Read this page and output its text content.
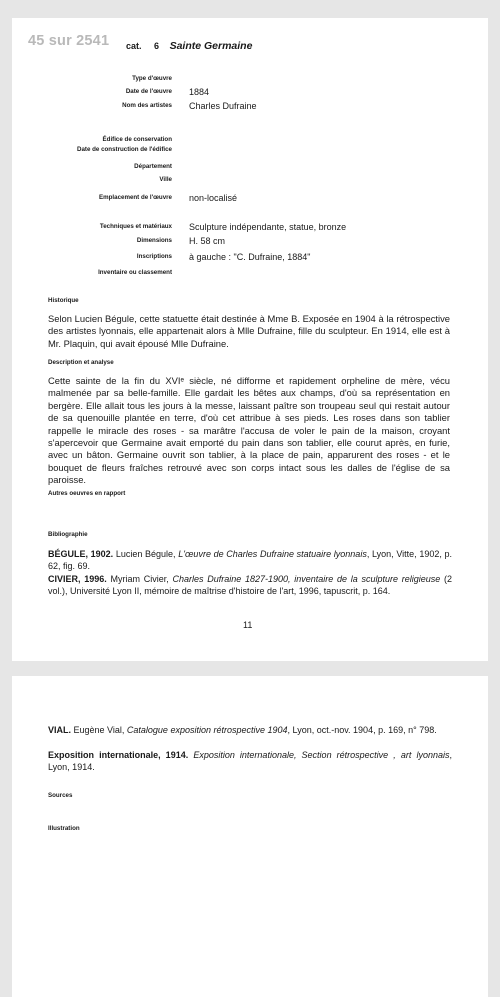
45 sur 2541 cat. 6 Sainte Germaine
Type d'œuvre
Date de l'œuvre 1884
Nom des artistes Charles Dufraine
Édifice de conservation
Date de construction de l'édifice
Département
Ville
Emplacement de l'œuvre non-localisé
Techniques et matériaux Sculpture indépendante, statue, bronze
Dimensions H. 58 cm
Inscriptions à gauche : "C. Dufraine, 1884"
Inventaire ou classement
Historique
Selon Lucien Bégule, cette statuette était destinée à Mme B. Exposée en 1904 à la rétrospective des artistes lyonnais, elle appartenait alors à Mlle Dufraine, fille du sculpteur. En 1914, elle est à Mr. Plaquin, qui avait épousé Mlle Dufraine.
Description et analyse
Cette sainte de la fin du XVIᵉ siècle, né difforme et rapidement orpheline de mère, vécu malmenée par sa belle-famille. Elle gardait les bêtes aux champs, d'où sa représentation en bergère. Elle allait tous les jours à la messe, laissant paître son troupeau seul qui restait autour de sa quenouille plantée en terre, d'où cet attribue à ses pieds. Les roses dans son tablier rappelle le miracle des roses - sa marâtre l'accusa de voler le pain de la maison, croyant s'apercevoir que Germaine avait emporté du pain dans son tablier, elle courut après, en furie, avec un bâton. Germaine ouvrit son tablier, à la place de pain, apparurent des roses - et le bouquet de fleurs fraîches retrouvé avec son corps intact sous les dalles de l'église de sa paroisse.
Autres oeuvres en rapport
Bibliographie
BÉGULE, 1902. Lucien Bégule, L'œuvre de Charles Dufraine statuaire lyonnais, Lyon, Vitte, 1902, p. 62, fig. 69.
CIVIER, 1996. Myriam Civier, Charles Dufraine 1827-1900, inventaire de la sculpture religieuse (2 vol.), Université Lyon II, mémoire de maîtrise d'histoire de l'art, 1996, tapuscrit, p. 164.
11
VIAL. Eugène Vial, Catalogue exposition rétrospective 1904, Lyon, oct.-nov. 1904, p. 169, n° 798.
Exposition internationale, 1914. Exposition internationale, Section rétrospective , art lyonnais, Lyon, 1914.
Sources
Illustration
